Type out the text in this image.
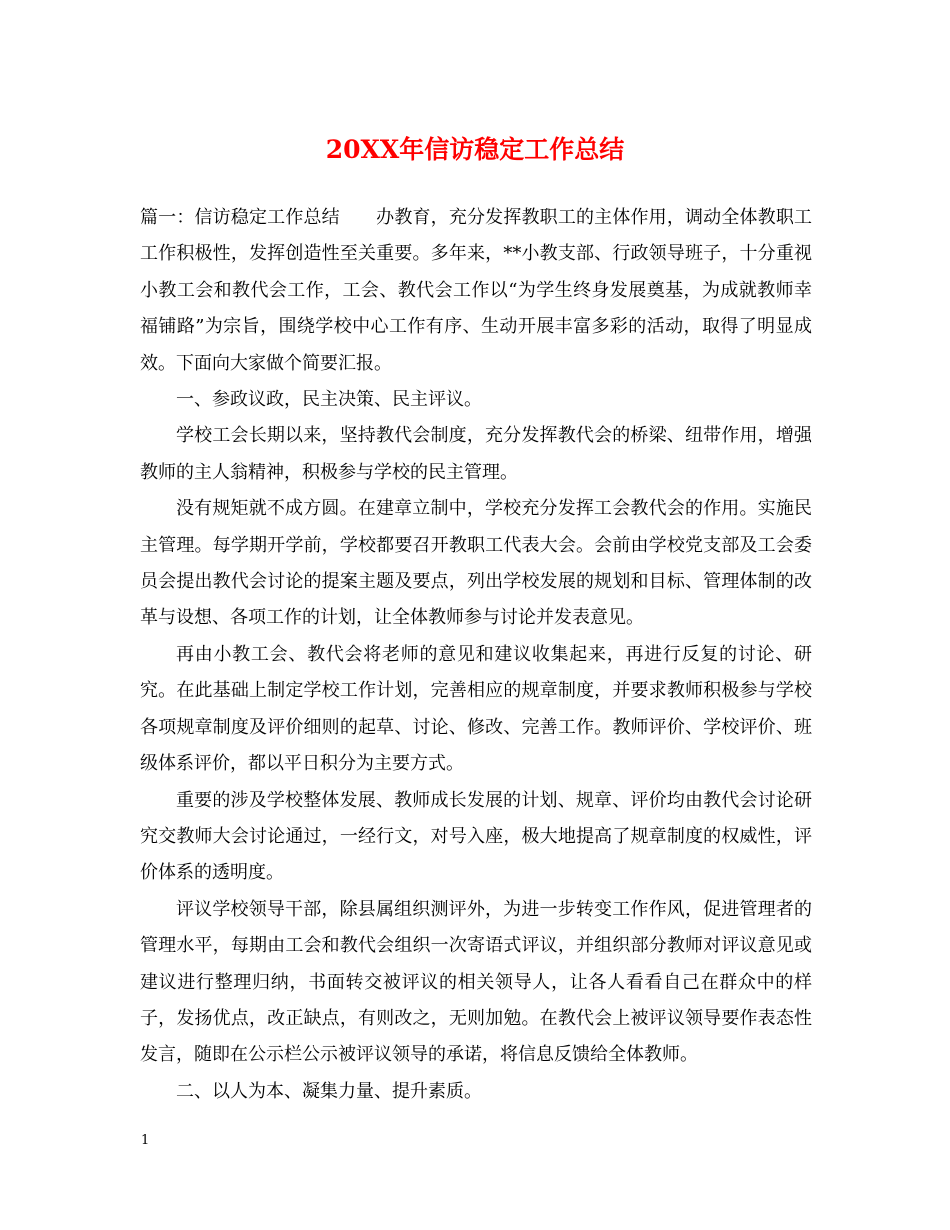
20XX年信访稳定工作总结

篇一：信访稳定工作总结　　办教育，充分发挥教职工的主体作用，调动全体教职工工作积极性，发挥创造性至关重要。多年来，**小教支部、行政领导班子，十分重视小教工会和教代会工作，工会、教代会工作以“为学生终身发展奠基，为成就教师幸福铺路”为宗旨，围绕学校中心工作有序、生动开展丰富多彩的活动，取得了明显成效。下面向大家做个简要汇报。

一、参政议政，民主决策、民主评议。

学校工会长期以来，坚持教代会制度，充分发挥教代会的桥梁、纽带作用，增强教师的主人翁精神，积极参与学校的民主管理。

没有规矩就不成方圆。在建章立制中，学校充分发挥工会教代会的作用。实施民主管理。每学期开学前，学校都要召开教职工代表大会。会前由学校党支部及工会委员会提出教代会讨论的提案主题及要点，列出学校发展的规划和目标、管理体制的改革与设想、各项工作的计划，让全体教师参与讨论并发表意见。

再由小教工会、教代会将老师的意见和建议收集起来，再进行反复的讨论、研究。在此基础上制定学校工作计划，完善相应的规章制度，并要求教师积极参与学校各项规章制度及评价细则的起草、讨论、修改、完善工作。教师评价、学校评价、班级体系评价，都以平日积分为主要方式。

重要的涉及学校整体发展、教师成长发展的计划、规章、评价均由教代会讨论研究交教师大会讨论通过，一经行文，对号入座，极大地提高了规章制度的权威性，评价体系的透明度。

评议学校领导干部，除县属组织测评外，为进一步转变工作作风，促进管理者的管理水平，每期由工会和教代会组织一次寄语式评议，并组织部分教师对评议意见或建议进行整理归纳，书面转交被评议的相关领导人，让各人看看自己在群众中的样子，发扬优点，改正缺点，有则改之，无则加勉。在教代会上被评议领导要作表态性发言，随即在公示栏公示被评议领导的承诺，将信息反馈给全体教师。

二、以人为本、凝集力量、提升素质。

1
